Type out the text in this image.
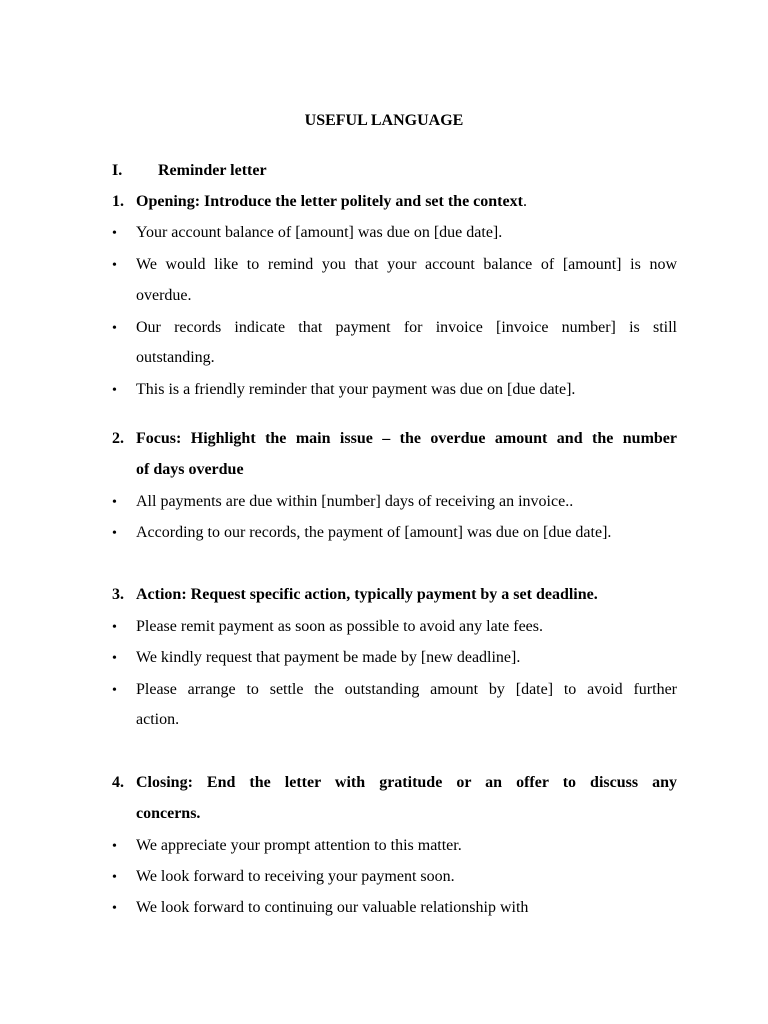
USEFUL LANGUAGE
I. Reminder letter
1. Opening: Introduce the letter politely and set the context.
• Your account balance of [amount] was due on [due date].
• We would like to remind you that your account balance of [amount] is now
overdue.
• Our records indicate that payment for invoice [invoice number] is still
outstanding.
• This is a friendly reminder that your payment was due on [due date].
2. Focus: Highlight the main issue – the overdue amount and the number
of days overdue
• All payments are due within [number] days of receiving an invoice..
• According to our records, the payment of [amount] was due on [due date].
3. Action: Request specific action, typically payment by a set deadline.
• Please remit payment as soon as possible to avoid any late fees.
• We kindly request that payment be made by [new deadline].
• Please arrange to settle the outstanding amount by [date] to avoid further
action.
4. Closing: End the letter with gratitude or an offer to discuss any
concerns.
• We appreciate your prompt attention to this matter.
• We look forward to receiving your payment soon.
• We look forward to continuing our valuable relationship with
